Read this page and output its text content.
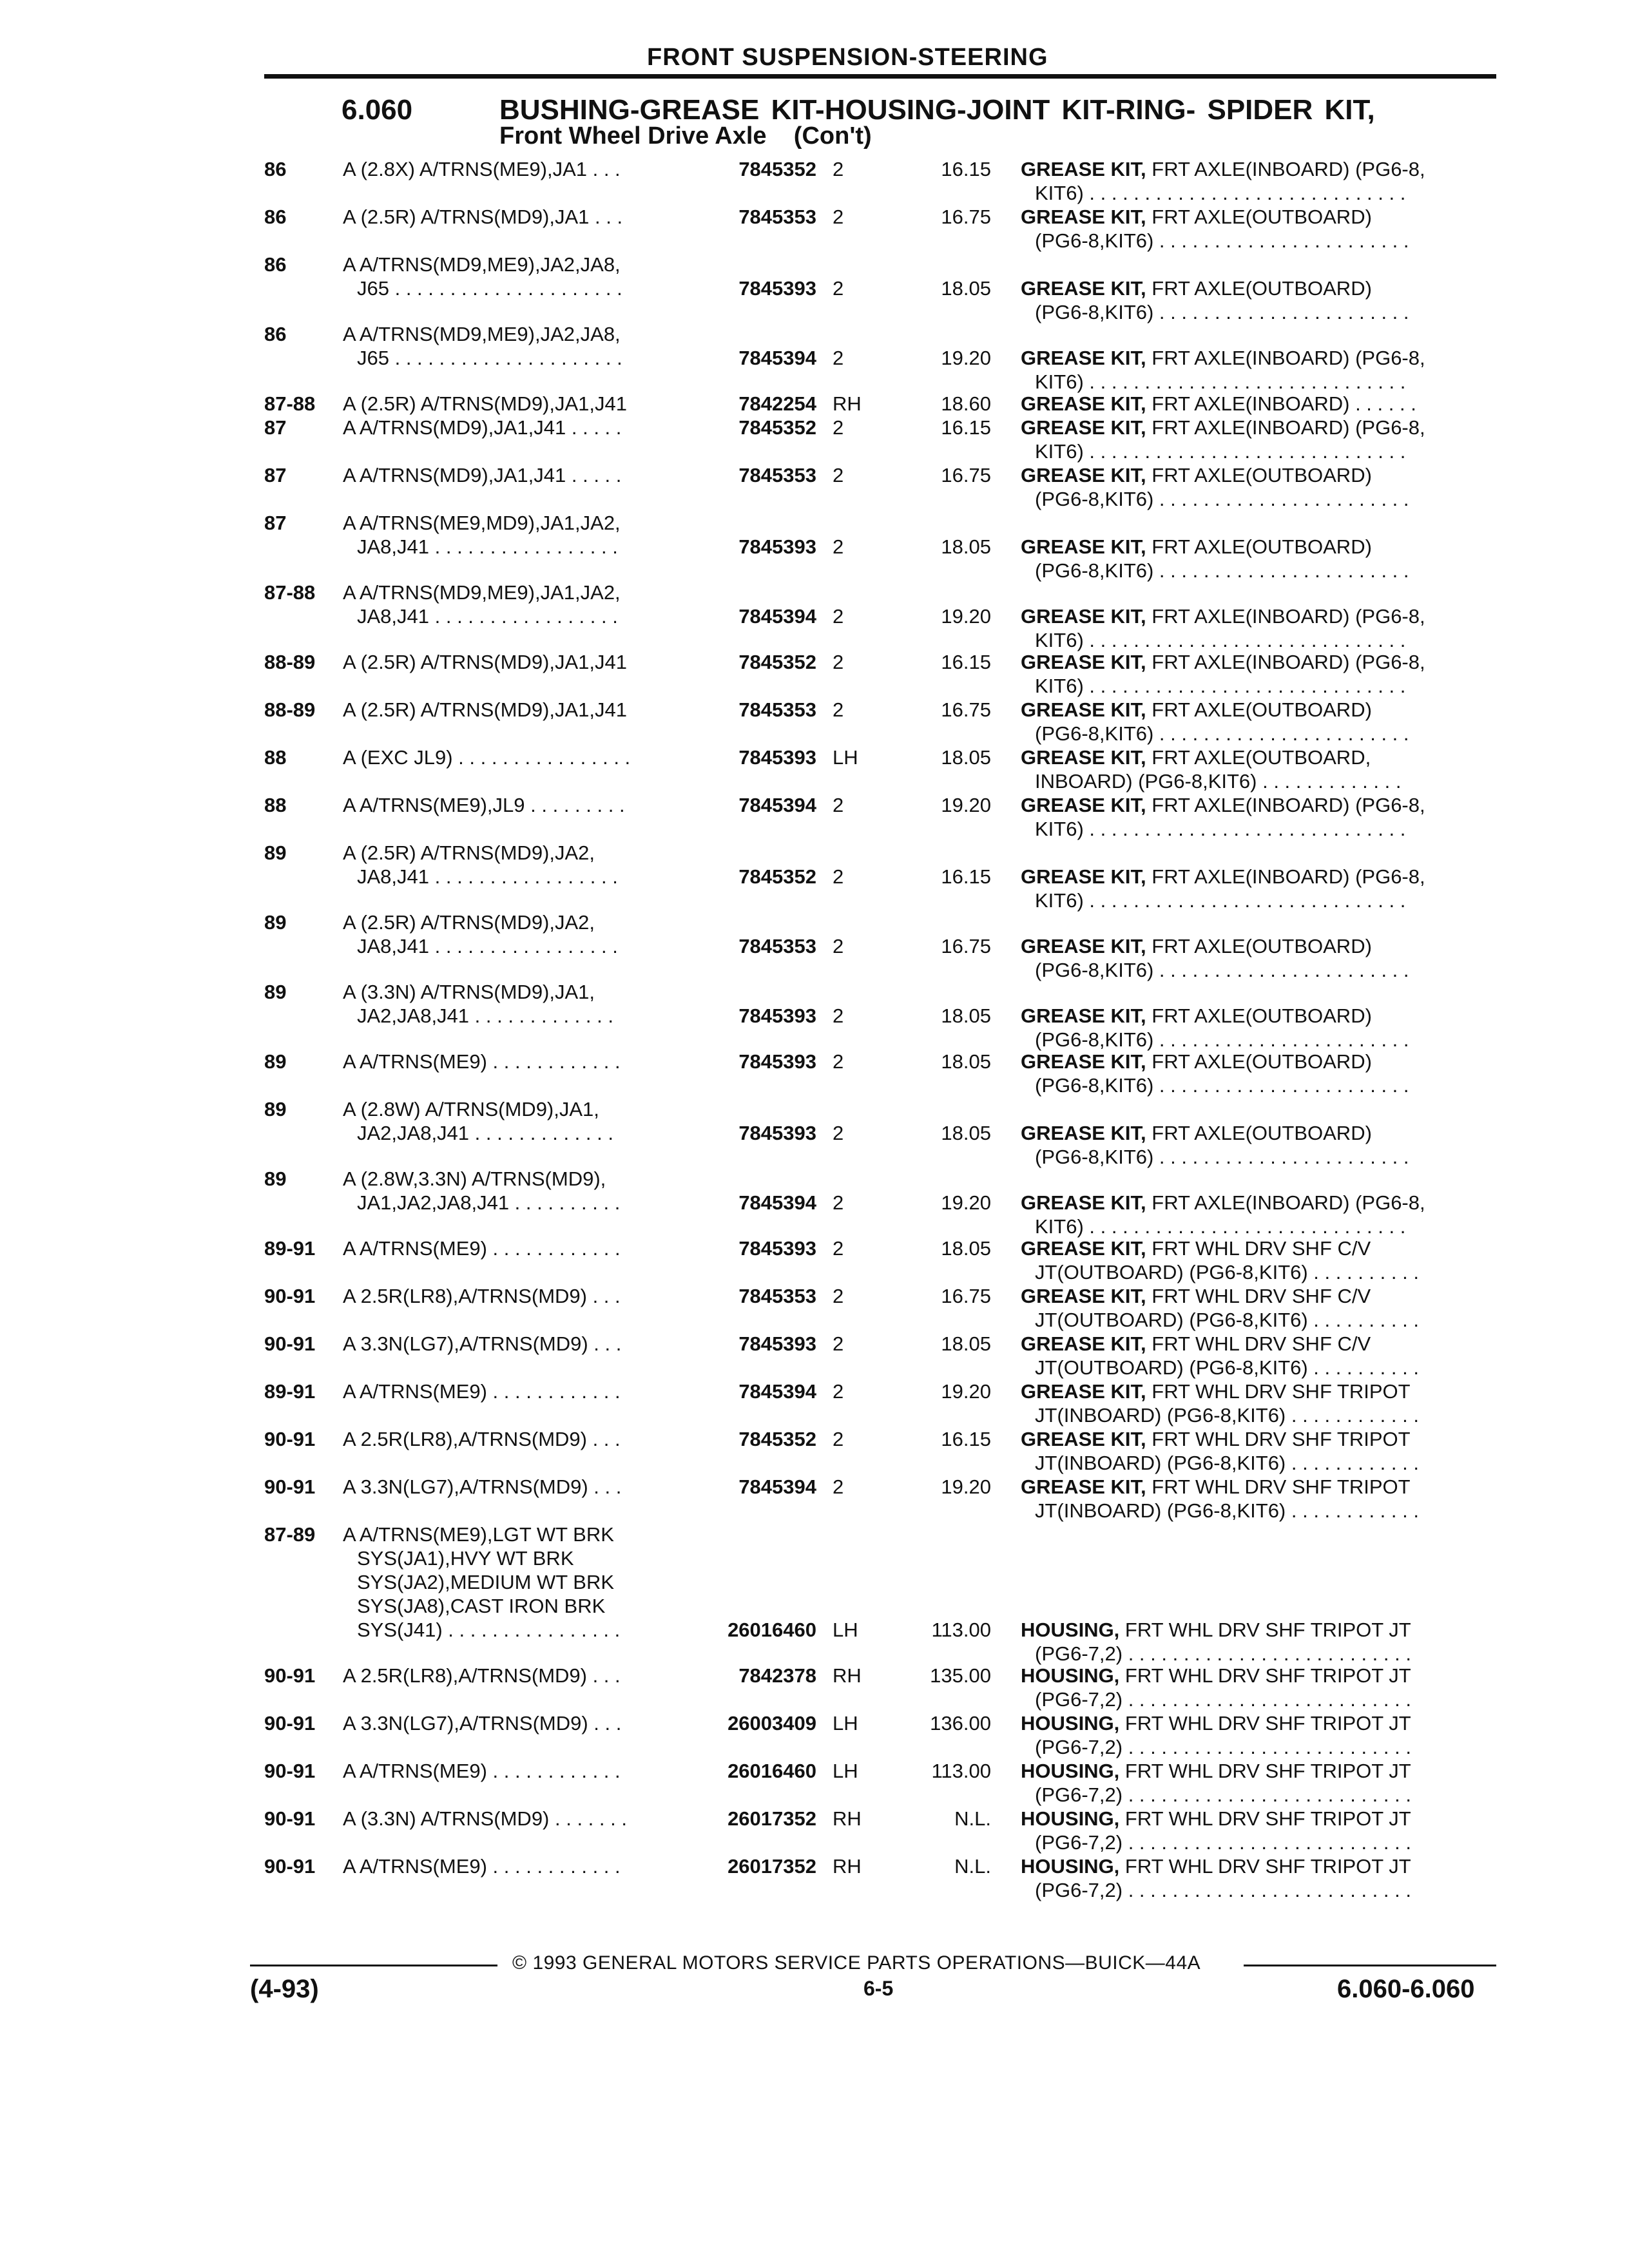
FRONT SUSPENSION-STEERING
6.060	BUSHING-GREASE KIT-HOUSING-JOINT KIT-RING- SPIDER KIT,
Front Wheel Drive Axle    (Con't)
86	A (2.8X) A/TRNS(ME9),JA1 . . .	7845352 2	16.15 GREASE KIT, FRT AXLE(INBOARD) (PG6-8,
KIT6) . . . . . . . . . . . . . . . . . . . . . . . . . . . . .
86	A (2.5R) A/TRNS(MD9),JA1 . . .	7845353 2	16.75 GREASE KIT, FRT AXLE(OUTBOARD)
(PG6-8,KIT6) . . . . . . . . . . . . . . . . . . . . . . .
86	A A/TRNS(MD9,ME9),JA2,JA8,
J65 . . . . . . . . . . . . . . . . . . . . .	7845393 2	18.05 GREASE KIT, FRT AXLE(OUTBOARD)
(PG6-8,KIT6) . . . . . . . . . . . . . . . . . . . . . . .
86	A A/TRNS(MD9,ME9),JA2,JA8,
J65 . . . . . . . . . . . . . . . . . . . . .	7845394 2	19.20 GREASE KIT, FRT AXLE(INBOARD) (PG6-8,
KIT6) . . . . . . . . . . . . . . . . . . . . . . . . . . . . .
87-88 A (2.5R) A/TRNS(MD9),JA1,J41	7842254 RH	18.60 GREASE KIT, FRT AXLE(INBOARD) . . . . . .
87	A A/TRNS(MD9),JA1,J41 . . . . .	7845352 2	16.15 GREASE KIT, FRT AXLE(INBOARD) (PG6-8,
KIT6) . . . . . . . . . . . . . . . . . . . . . . . . . . . . .
87	A A/TRNS(MD9),JA1,J41 . . . . .	7845353 2	16.75 GREASE KIT, FRT AXLE(OUTBOARD)
(PG6-8,KIT6) . . . . . . . . . . . . . . . . . . . . . . .
87	A A/TRNS(ME9,MD9),JA1,JA2,
JA8,J41 . . . . . . . . . . . . . . . . .	7845393 2	18.05 GREASE KIT, FRT AXLE(OUTBOARD)
(PG6-8,KIT6) . . . . . . . . . . . . . . . . . . . . . . .
87-88 A A/TRNS(MD9,ME9),JA1,JA2,
JA8,J41 . . . . . . . . . . . . . . . . .	7845394 2	19.20 GREASE KIT, FRT AXLE(INBOARD) (PG6-8,
KIT6) . . . . . . . . . . . . . . . . . . . . . . . . . . . . .
88-89 A (2.5R) A/TRNS(MD9),JA1,J41	7845352 2	16.15 GREASE KIT, FRT AXLE(INBOARD) (PG6-8,
KIT6) . . . . . . . . . . . . . . . . . . . . . . . . . . . . .
88-89 A (2.5R) A/TRNS(MD9),JA1,J41	7845353 2	16.75 GREASE KIT, FRT AXLE(OUTBOARD)
(PG6-8,KIT6) . . . . . . . . . . . . . . . . . . . . . . .
88	A (EXC JL9) . . . . . . . . . . . . . . . .	7845393 LH	18.05 GREASE KIT, FRT AXLE(OUTBOARD,
INBOARD) (PG6-8,KIT6) . . . . . . . . . . . . .
88	A A/TRNS(ME9),JL9 . . . . . . . . .	7845394 2	19.20 GREASE KIT, FRT AXLE(INBOARD) (PG6-8,
KIT6) . . . . . . . . . . . . . . . . . . . . . . . . . . . . .
89	A (2.5R) A/TRNS(MD9),JA2,
JA8,J41 . . . . . . . . . . . . . . . . .	7845352 2	16.15 GREASE KIT, FRT AXLE(INBOARD) (PG6-8,
KIT6) . . . . . . . . . . . . . . . . . . . . . . . . . . . . .
89	A (2.5R) A/TRNS(MD9),JA2,
JA8,J41 . . . . . . . . . . . . . . . . .	7845353 2	16.75 GREASE KIT, FRT AXLE(OUTBOARD)
(PG6-8,KIT6) . . . . . . . . . . . . . . . . . . . . . . .
89	A (3.3N) A/TRNS(MD9),JA1,
JA2,JA8,J41 . . . . . . . . . . . . .	7845393 2	18.05 GREASE KIT, FRT AXLE(OUTBOARD)
(PG6-8,KIT6) . . . . . . . . . . . . . . . . . . . . . . .
89	A A/TRNS(ME9) . . . . . . . . . . . .	7845393 2	18.05 GREASE KIT, FRT AXLE(OUTBOARD)
(PG6-8,KIT6) . . . . . . . . . . . . . . . . . . . . . . .
89	A (2.8W) A/TRNS(MD9),JA1,
JA2,JA8,J41 . . . . . . . . . . . . .	7845393 2	18.05 GREASE KIT, FRT AXLE(OUTBOARD)
(PG6-8,KIT6) . . . . . . . . . . . . . . . . . . . . . . .
89	A (2.8W,3.3N) A/TRNS(MD9),
JA1,JA2,JA8,J41 . . . . . . . . . .	7845394 2	19.20 GREASE KIT, FRT AXLE(INBOARD) (PG6-8,
KIT6) . . . . . . . . . . . . . . . . . . . . . . . . . . . . .
89-91 A A/TRNS(ME9) . . . . . . . . . . . .	7845393 2	18.05 GREASE KIT, FRT WHL DRV SHF C/V
JT(OUTBOARD) (PG6-8,KIT6) . . . . . . . . . .
90-91 A 2.5R(LR8),A/TRNS(MD9) . . .	7845353 2	16.75 GREASE KIT, FRT WHL DRV SHF C/V
JT(OUTBOARD) (PG6-8,KIT6) . . . . . . . . . .
90-91 A 3.3N(LG7),A/TRNS(MD9) . . .	7845393 2	18.05 GREASE KIT, FRT WHL DRV SHF C/V
JT(OUTBOARD) (PG6-8,KIT6) . . . . . . . . . .
89-91 A A/TRNS(ME9) . . . . . . . . . . . .	7845394 2	19.20 GREASE KIT, FRT WHL DRV SHF TRIPOT
JT(INBOARD) (PG6-8,KIT6) . . . . . . . . . . . .
90-91 A 2.5R(LR8),A/TRNS(MD9) . . .	7845352 2	16.15 GREASE KIT, FRT WHL DRV SHF TRIPOT
JT(INBOARD) (PG6-8,KIT6) . . . . . . . . . . . .
90-91 A 3.3N(LG7),A/TRNS(MD9) . . .	7845394 2	19.20 GREASE KIT, FRT WHL DRV SHF TRIPOT
JT(INBOARD) (PG6-8,KIT6) . . . . . . . . . . . .
87-89 A A/TRNS(ME9),LGT WT BRK
SYS(JA1),HVY WT BRK
SYS(JA2),MEDIUM WT BRK
SYS(JA8),CAST IRON BRK
SYS(J41) . . . . . . . . . . . . . . . .	26016460 LH	113.00 HOUSING, FRT WHL DRV SHF TRIPOT JT
(PG6-7,2) . . . . . . . . . . . . . . . . . . . . . . . . . .
90-91 A 2.5R(LR8),A/TRNS(MD9) . . .	7842378 RH	135.00 HOUSING, FRT WHL DRV SHF TRIPOT JT
(PG6-7,2) . . . . . . . . . . . . . . . . . . . . . . . . . .
90-91 A 3.3N(LG7),A/TRNS(MD9) . . .	26003409 LH	136.00 HOUSING, FRT WHL DRV SHF TRIPOT JT
(PG6-7,2) . . . . . . . . . . . . . . . . . . . . . . . . . .
90-91 A A/TRNS(ME9) . . . . . . . . . . . .	26016460 LH	113.00 HOUSING, FRT WHL DRV SHF TRIPOT JT
(PG6-7,2) . . . . . . . . . . . . . . . . . . . . . . . . . .
90-91 A (3.3N) A/TRNS(MD9) . . . . . . .	26017352 RH	N.L. HOUSING, FRT WHL DRV SHF TRIPOT JT
(PG6-7,2) . . . . . . . . . . . . . . . . . . . . . . . . . .
90-91 A A/TRNS(ME9) . . . . . . . . . . . .	26017352 RH	N.L. HOUSING, FRT WHL DRV SHF TRIPOT JT
(PG6-7,2) . . . . . . . . . . . . . . . . . . . . . . . . . .
© 1993 GENERAL MOTORS SERVICE PARTS OPERATIONS—BUICK—44A
(4-93)	6-5	6.060-6.060
